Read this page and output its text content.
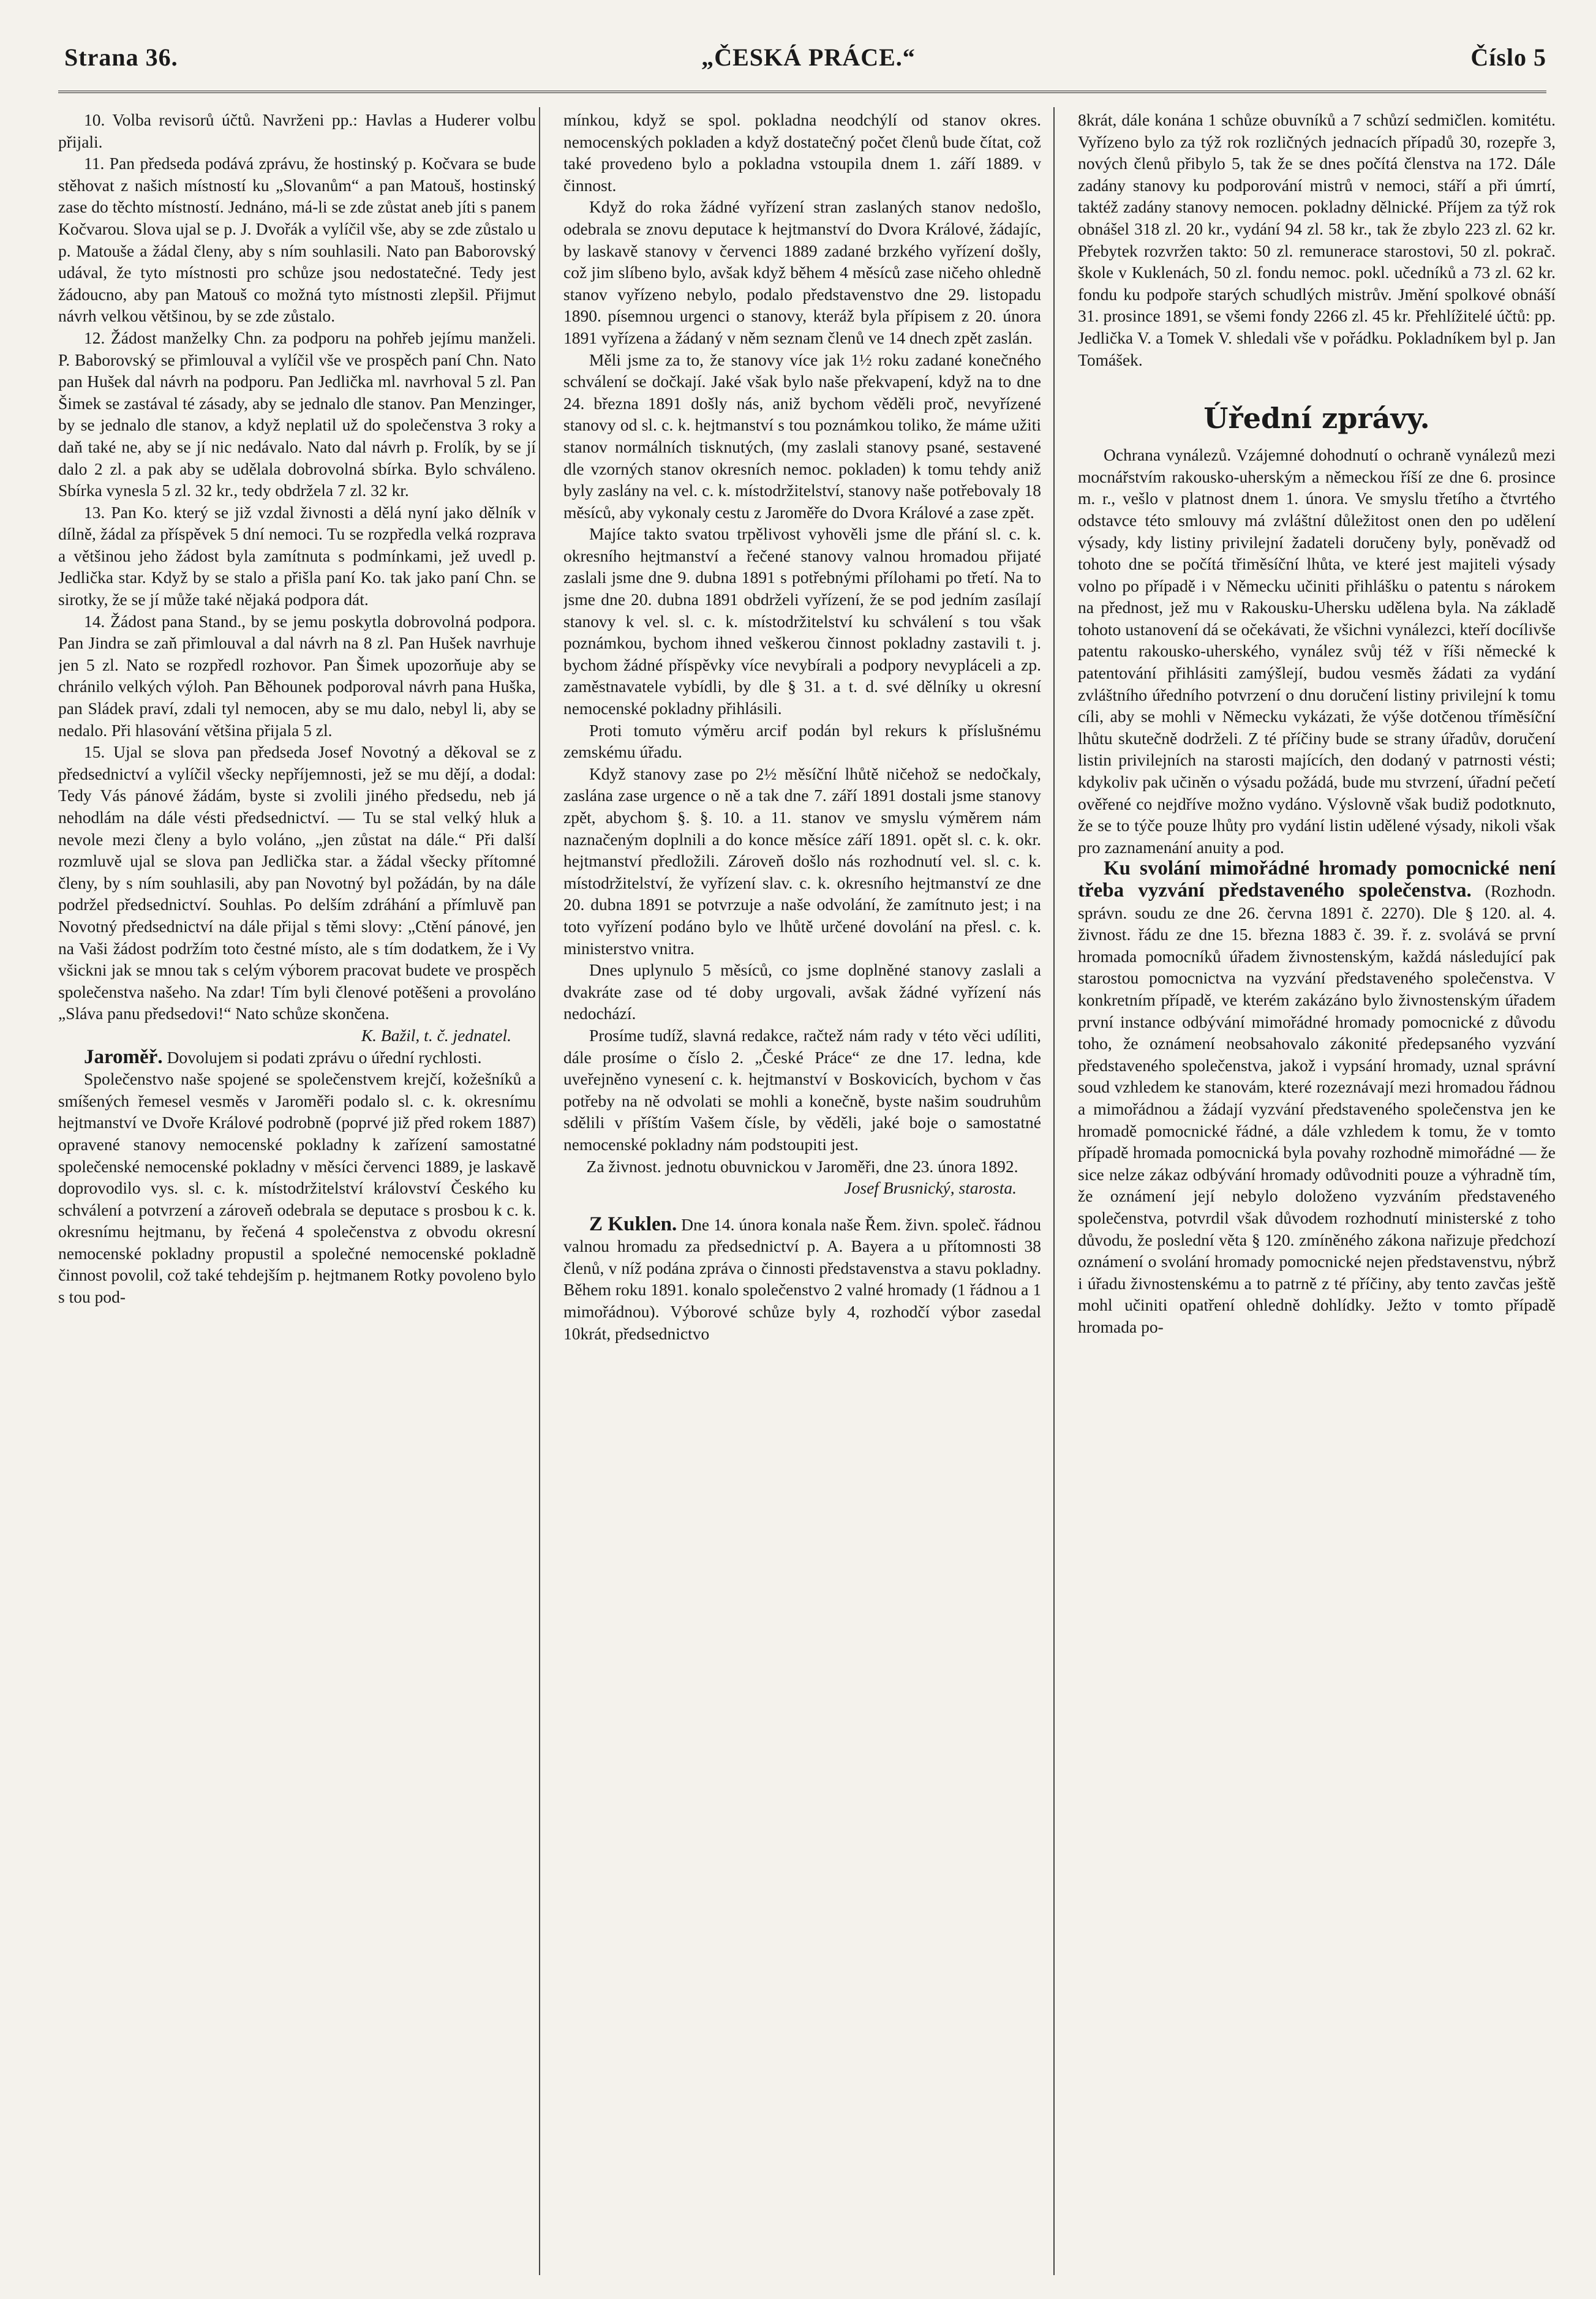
Strana 36.	„ČESKÁ PRÁCE.“	Číslo 5

10. Volba revisorů účtů. Navrženi pp.: Havlas a Huderer volbu přijali.

11. Pan předseda podává zprávu, že hostinský p. Kočvara se bude stěhovat z našich místností ku „Slovanům“ a pan Matouš, hostinský zase do těchto místností. Jednáno, má-li se zde zůstat aneb jíti s panem Kočvarou. Slova ujal se p. J. Dvořák a vylíčil vše, aby se zde zůstalo u p. Matouše a žádal členy, aby s ním souhlasili. Nato pan Baborovský udával, že tyto místnosti pro schůze jsou nedostatečné. Tedy jest žádoucno, aby pan Matouš co možná tyto místnosti zlepšil. Přijmut návrh velkou většinou, by se zde zůstalo.

12. Žádost manželky Chn. za podporu na pohřeb jejímu manželi. P. Baborovský se přimlouval a vylíčil vše ve prospěch paní Chn. Nato pan Hušek dal návrh na podporu. Pan Jedlička ml. navrhoval 5 zl. Pan Šimek se zastával té zásady, aby se jednalo dle stanov. Pan Menzinger, by se jednalo dle stanov, a když neplatil už do společenstva 3 roky a daň také ne, aby se jí nic nedávalo. Nato dal návrh p. Frolík, by se jí dalo 2 zl. a pak aby se udělala dobrovolná sbírka. Bylo schváleno. Sbírka vynesla 5 zl. 32 kr., tedy obdržela 7 zl. 32 kr.

13. Pan Ko. který se již vzdal živnosti a dělá nyní jako dělník v dílně, žádal za příspěvek 5 dní nemoci. Tu se rozpředla velká rozprava a většinou jeho žádost byla zamítnuta s podmínkami, jež uvedl p. Jedlička star. Když by se stalo a přišla paní Ko. tak jako paní Chn. se sirotky, že se jí může také nějaká podpora dát.

14. Žádost pana Stand., by se jemu poskytla dobrovolná podpora. Pan Jindra se zaň přimlouval a dal návrh na 8 zl. Pan Hušek navrhuje jen 5 zl. Nato se rozpředl rozhovor. Pan Šimek upozorňuje aby se chránilo velkých výloh. Pan Běhounek podporoval návrh pana Huška, pan Sládek praví, zdali tyl nemocen, aby se mu dalo, nebyl li, aby se nedalo. Při hlasování většina přijala 5 zl.

15. Ujal se slova pan předseda Josef Novotný a děkoval se z předsednictví a vylíčil všecky nepříjemnosti, jež se mu dějí, a dodal: Tedy Vás pánové žádám, byste si zvolili jiného předsedu, neb já nehodlám na dále vésti předsednictví. — Tu se stal velký hluk a nevole mezi členy a bylo voláno, „jen zůstat na dále.“ Při další rozmluvě ujal se slova pan Jedlička star. a žádal všecky přítomné členy, by s ním souhlasili, aby pan Novotný byl požádán, by na dále podržel předsednictví. Souhlas. Po delším zdráhání a přímluvě pan Novotný předsednictví na dále přijal s těmi slovy: „Ctění pánové, jen na Vaši žádost podržím toto čestné místo, ale s tím dodatkem, že i Vy všickni jak se mnou tak s celým výborem pracovat budete ve prospěch společenstva našeho. Na zdar! Tím byli členové potěšeni a provoláno „Sláva panu předsedovi!“ Nato schůze skončena.

K. Bažil, t. č. jednatel.

Jaroměř. Dovolujem si podati zprávu o úřední rychlosti.

Společenstvo naše spojené se společenstvem krejčí, kožešníků a smíšených řemesel vesměs v Jaroměři podalo sl. c. k. okresnímu hejtmanství ve Dvoře Králové podrobně (poprvé již před rokem 1887) opravené stanovy nemocenské pokladny k zařízení samostatné společenské nemocenské pokladny v měsíci červenci 1889, je laskavě doprovodilo vys. sl. c. k. místodržitelství království Českého ku schválení a potvrzení a zároveň odebrala se deputace s prosbou k c. k. okresnímu hejtmanu, by řečená 4 společenstva z obvodu okresní nemocenské pokladny propustil a společné nemocenské pokladně činnost povolil, což také tehdejším p. hejtmanem Rotky povoleno bylo s tou pod-

mínkou, když se spol. pokladna neodchýlí od stanov okres. nemocenských pokladen a když dostatečný počet členů bude čítat, což také provedeno bylo a pokladna vstoupila dnem 1. září 1889. v činnost.

Když do roka žádné vyřízení stran zaslaných stanov nedošlo, odebrala se znovu deputace k hejtmanství do Dvora Králové, žádajíc, by laskavě stanovy v červenci 1889 zadané brzkého vyřízení došly, což jim slíbeno bylo, avšak když během 4 měsíců zase ničeho ohledně stanov vyřízeno nebylo, podalo představenstvo dne 29. listopadu 1890. písemnou urgenci o stanovy, kteráž byla přípisem z 20. února 1891 vyřízena a žádaný v něm seznam členů ve 14 dnech zpět zaslán.

Měli jsme za to, že stanovy více jak 1½ roku zadané konečného schválení se dočkají. Jaké však bylo naše překvapení, když na to dne 24. března 1891 došly nás, aniž bychom věděli proč, nevyřízené stanovy od sl. c. k. hejtmanství s tou poznámkou toliko, že máme užiti stanov normálních tisknutých, (my zaslali stanovy psané, sestavené dle vzorných stanov okresních nemoc. pokladen) k tomu tehdy aniž byly zaslány na vel. c. k. místodržitelství, stanovy naše potřebovaly 18 měsíců, aby vykonaly cestu z Jaroměře do Dvora Králové a zase zpět.

Majíce takto svatou trpělivost vyhověli jsme dle přání sl. c. k. okresního hejtmanství a řečené stanovy valnou hromadou přijaté zaslali jsme dne 9. dubna 1891 s potřebnými přílohami po třetí. Na to jsme dne 20. dubna 1891 obdrželi vyřízení, že se pod jedním zasílají stanovy k vel. sl. c. k. místodržitelství ku schválení s tou však poznámkou, bychom ihned veškerou činnost pokladny zastavili t. j. bychom žádné příspěvky více nevybírali a podpory nevypláceli a zp. zaměstnavatele vybídli, by dle § 31. a t. d. své dělníky u okresní nemocenské pokladny přihlásili.

Proti tomuto výměru arcif podán byl rekurs k příslušnému zemskému úřadu.

Když stanovy zase po 2½ měsíční lhůtě ničehož se nedočkaly, zaslána zase urgence o ně a tak dne 7. září 1891 dostali jsme stanovy zpět, abychom §. §. 10. a 11. stanov ve smyslu výměrem nám naznačeným doplnili a do konce měsíce září 1891. opět sl. c. k. okr. hejtmanství předložili. Zároveň došlo nás rozhodnutí vel. sl. c. k. místodržitelství, že vyřízení slav. c. k. okresního hejtmanství ze dne 20. dubna 1891 se potvrzuje a naše odvolání, že zamítnuto jest; i na toto vyřízení podáno bylo ve lhůtě určené dovolání na přesl. c. k. ministerstvo vnitra.

Dnes uplynulo 5 měsíců, co jsme doplněné stanovy zaslali a dvakráte zase od té doby urgovali, avšak žádné vyřízení nás nedochází.

Prosíme tudíž, slavná redakce, račtež nám rady v této věci udíliti, dále prosíme o číslo 2. „České Práce“ ze dne 17. ledna, kde uveřejněno vynesení c. k. hejtmanství v Boskovicích, bychom v čas potřeby na ně odvolati se mohli a konečně, byste našim soudruhům sdělili v příštím Vašem čísle, by věděli, jaké boje o samostatné nemocenské pokladny nám podstoupiti jest.

Za živnost. jednotu obuvnickou v Jaroměři, dne 23. února 1892.

Josef Brusnický, starosta.

Z Kuklen. Dne 14. února konala naše Řem. živn. společ. řádnou valnou hromadu za předsednictví p. A. Bayera a u přítomnosti 38 členů, v níž podána zpráva o činnosti představenstva a stavu pokladny. Během roku 1891. konalo společenstvo 2 valné hromady (1 řádnou a 1 mimořádnou). Výborové schůze byly 4, rozhodčí výbor zasedal 10krát, předsednictvo

8krát, dále konána 1 schůze obuvníků a 7 schůzí sedmičlen. komitétu. Vyřízeno bylo za týž rok rozličných jednacích případů 30, rozepře 3, nových členů přibylo 5, tak že se dnes počítá členstva na 172. Dále zadány stanovy ku podporování mistrů v nemoci, stáří a při úmrtí, taktéž zadány stanovy nemocen. pokladny dělnické. Příjem za týž rok obnášel 318 zl. 20 kr., vydání 94 zl. 58 kr., tak že zbylo 223 zl. 62 kr. Přebytek rozvržen takto: 50 zl. remunerace starostovi, 50 zl. pokrač. škole v Kuklenách, 50 zl. fondu nemoc. pokl. učedníků a 73 zl. 62 kr. fondu ku podpoře starých schudlých mistrův. Jmění spolkové obnáší 31. prosince 1891, se všemi fondy 2266 zl. 45 kr. Přehlížitelé účtů: pp. Jedlička V. a Tomek V. shledali vše v pořádku. Pokladníkem byl p. Jan Tomášek.

Úřední zprávy.

Ochrana vynálezů. Vzájemné dohodnutí o ochraně vynálezů mezi mocnářstvím rakousko-uherským a německou říší ze dne 6. prosince m. r., vešlo v platnost dnem 1. února. Ve smyslu třetího a čtvrtého odstavce této smlouvy má zvláštní důležitost onen den po udělení výsady, kdy listiny privilejní žadateli doručeny byly, poněvadž od tohoto dne se počítá třiměsíční lhůta, ve které jest majiteli výsady volno po případě i v Německu učiniti přihlášku o patentu s nárokem na přednost, jež mu v Rakousku-Uhersku udělena byla. Na základě tohoto ustanovení dá se očekávati, že všichni vynálezci, kteří docílivše patentu rakousko-uherského, vynález svůj též v říši německé k patentování přihlásiti zamýšlejí, budou vesměs žádati za vydání zvláštního úředního potvrzení o dnu doručení listiny privilejní k tomu cíli, aby se mohli v Německu vykázati, že výše dotčenou tříměsíční lhůtu skutečně dodrželi. Z té příčiny bude se strany úřadův, doručení listin privilejních na starosti majících, den dodaný v patrnosti vésti; kdykoliv pak učiněn o výsadu požádá, bude mu stvrzení, úřadní pečetí ověřené co nejdříve možno vydáno. Výslovně však budiž podotknuto, že se to týče pouze lhůty pro vydání listin udělené výsady, nikoli však pro zaznamenání anuity a pod.

Ku svolání mimořádné hromady pomocnické není třeba vyzvání představeného společenstva. (Rozhodn. správn. soudu ze dne 26. června 1891 č. 2270). Dle § 120. al. 4. živnost. řádu ze dne 15. března 1883 č. 39. ř. z. svolává se první hromada pomocníků úřadem živnostenským, každá následující pak starostou pomocnictva na vyzvání představeného společenstva. V konkretním případě, ve kterém zakázáno bylo živnostenským úřadem první instance odbývání mimořádné hromady pomocnické z důvodu toho, že oznámení neobsahovalo zákonité předepsaného vyzvání představeného společenstva, jakož i vypsání hromady, uznal správní soud vzhledem ke stanovám, které rozeznávají mezi hromadou řádnou a mimořádnou a žádají vyzvání představeného společenstva jen ke hromadě pomocnické řádné, a dále vzhledem k tomu, že v tomto případě hromada pomocnická byla povahy rozhodně mimořádné — že sice nelze zákaz odbývání hromady odůvodniti pouze a výhradně tím, že oznámení její nebylo doloženo vyzváním představeného společenstva, potvrdil však důvodem rozhodnutí ministerské z toho důvodu, že poslední věta § 120. zmíněného zákona nařizuje předchozí oznámení o svolání hromady pomocnické nejen představenstvu, nýbrž i úřadu živnostenskému a to patrně z té příčiny, aby tento zavčas ještě mohl učiniti opatření ohledně dohlídky. Ježto v tomto případě hromada po-
